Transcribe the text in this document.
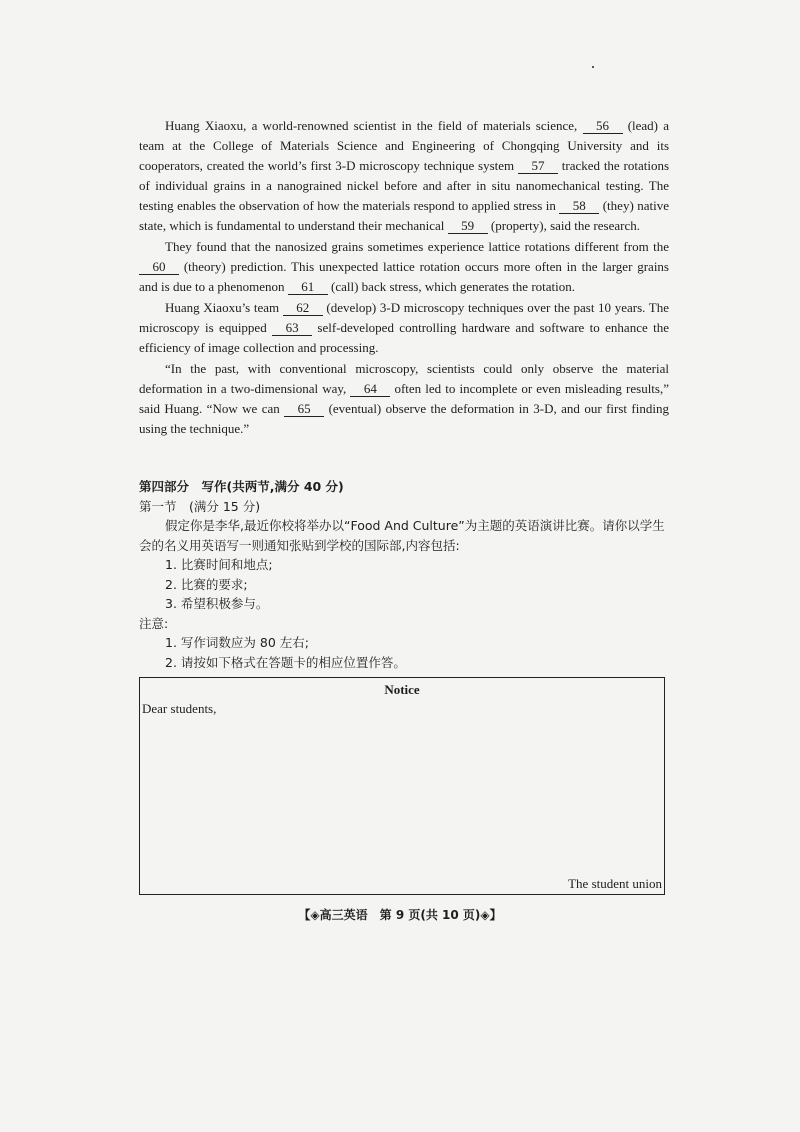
Huang Xiaoxu, a world-renowned scientist in the field of materials science, 56 (lead) a team at the College of Materials Science and Engineering of Chongqing University and its cooperators, created the world’s first 3-D microscopy technique system 57 tracked the rotations of individual grains in a nanograined nickel before and after in situ nanomechanical testing. The testing enables the observation of how the materials respond to applied stress in 58 (they) native state, which is fundamental to understand their mechanical 59 (property), said the research.

They found that the nanosized grains sometimes experience lattice rotations different from the 60 (theory) prediction. This unexpected lattice rotation occurs more often in the larger grains and is due to a phenomenon 61 (call) back stress, which generates the rotation.

Huang Xiaoxu’s team 62 (develop) 3-D microscopy techniques over the past 10 years. The microscopy is equipped 63 self-developed controlling hardware and software to enhance the efficiency of image collection and processing.

“In the past, with conventional microscopy, scientists could only observe the material deformation in a two-dimensional way, 64 often led to incomplete or even misleading results,” said Huang. “Now we can 65 (eventual) observe the deformation in 3-D, and our first finding using the technique.”

第四部分　写作(共两节,满分 40 分)
第一节　(满分 15 分)
假定你是李华,最近你校将举办以“Food And Culture”为主题的英语演讲比赛。请你以学生会的名义用英语写一则通知张贴到学校的国际部,内容包括:
1. 比赛时间和地点;
2. 比赛的要求;
3. 希望积极参与。
注意:
1. 写作词数应为 80 左右;
2. 请按如下格式在答题卡的相应位置作答。
Notice
Dear students,
The student union
【◈高三英语　第 9 页(共 10 页)◈】
